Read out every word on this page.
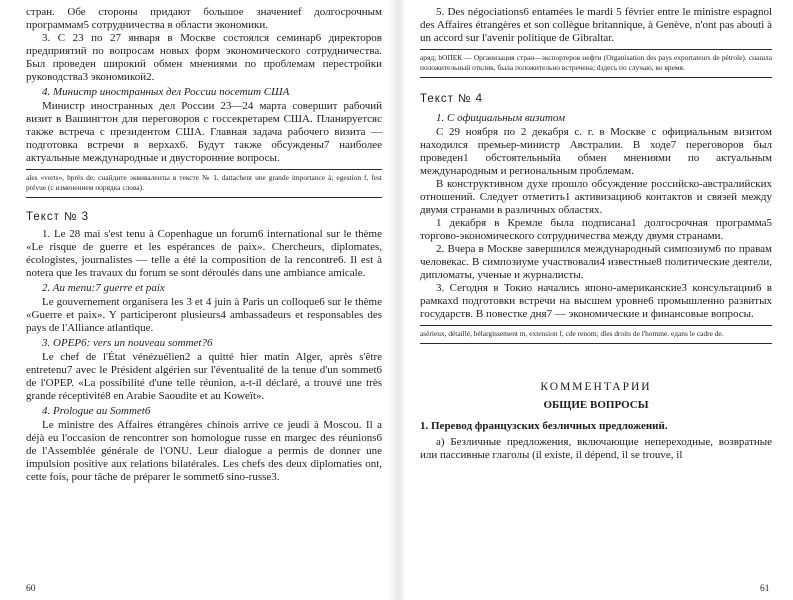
стран. Обе стороны придают большое значениеf долгосрочным программам5 сотрудничества в области экономики.

3. С 23 по 27 января в Москве состоялся семинар6 директоров предприятий по вопросам новых форм экономического сотрудничества. Был проведен широкий обмен мнениями по проблемам перестройки руководства3 экономикой2.

4. Министр иностранных дел России посетит США

Министр иностранных дел России 23—24 марта совершит рабочий визит в Вашингтон для переговоров с госсекретарем США. Планируетсяc также встреча с президентом США. Главная задача рабочего визита — подготовка встречи в верхах6. Будут также обсуждены7 наиболее актуальные международные и двусторонние вопросы.

ales «verts», bprès de; cнайдите эквиваленты в тексте № 1, dattachent une grande importance à; egestion f, fest prévue (с изменением порядка слова).

Текст № 3

1. Le 28 mai s'est tenu à Copenhague un forum6 international sur le thème «Le risque de guerre et les espérances de paix». Chercheurs, diplomates, écologistes, journalistes — telle a été la composition de la rencontre6. Il est à notera que les travaux du forum se sont déroulés dans une ambiance amicale.

2. Au menu:7 guerre et paix

Le gouvernement organisera les 3 et 4 juin à Paris un colloque6 sur le thème «Guerre et paix». Y participeront plusieurs4 ambassadeurs et responsables des pays de l'Alliance atlantique.

3. OPEP6: vers un nouveau sommet?6

Le chef de l'État vénézuélien2 a quitté hier matin Alger, après s'être entretenu7 avec le Président algérien sur l'éventualité de la tenue d'un sommet6 de l'OPEP. «La possibilité d'une telle réunion, a-t-il déclaré, a trouvé une très grande réceptivité8 en Arabie Saoudite et au Koweït».

4. Prologue au Sommet6

Le ministre des Affaires étrangères chinois arrive ce jeudi à Moscou. Il a déjà eu l'occasion de rencontrer son homologue russe en margec des réunions6 de l'Assemblée générale de l'ONU. Leur dialogue a permis de donner une impulsion positive aux relations bilatérales. Les chefs des deux diplomaties ont, cette fois, pour tâche de préparer le sommet6 sino-russe3.

60

5. Des négociations6 entamées le mardi 5 février entre le ministre espagnol des Affaires étrangères et son collègue britannique, à Genève, n'ont pas abouti à un accord sur l'avenir politique de Gibraltar.

aряд; bОПЕК — Организация стран—экспортеров нефти (Organisation des pays exportateurs de pétrole). cнашла положительный отклик, была положительно встречена; dздесь по случаю, во время.

Текст № 4

1. С официальным визитом

С 29 ноября по 2 декабря с. г. в Москве с официальным визитом находился премьер-министр Австралии. В ходе7 переговоров был проведен1 обстоятельныйa обмен мнениями по актуальным международным и региональным проблемам.

В конструктивном духе прошло обсуждение российско-австралийских отношений. Следует отметить1 активизацию6 контактов и связей между двумя странами в различных областях.

1 декабря в Кремле была подписана1 долгосрочная программа5 торгово-экономического сотрудничества между двумя странами.

2. Вчера в Москве завершился международный симпозиум6 по правам человекаc. В симпозиуме участвовали4 известные8 политические деятели, дипломаты, ученые и журналисты.

3. Сегодня в Токио начались японо-американские3 консультации6 в рамкахd подготовки встречи на высшем уровне6 промышленно развитых государств. В повестке дня7 — экономические и финансовые вопросы.

asérieux, détaillé, bélargissement m, extension f, cde renom; dles droits de l'homme. eдans le cadre de.

КОММЕНТАРИИ
ОБЩИЕ ВОПРОСЫ

1. Перевод французских безличных предложений.

а) Безличные предложения, включающие непереходные, возвратные или пассивные глаголы (il existe, il dépend, il se trouve, il

61
